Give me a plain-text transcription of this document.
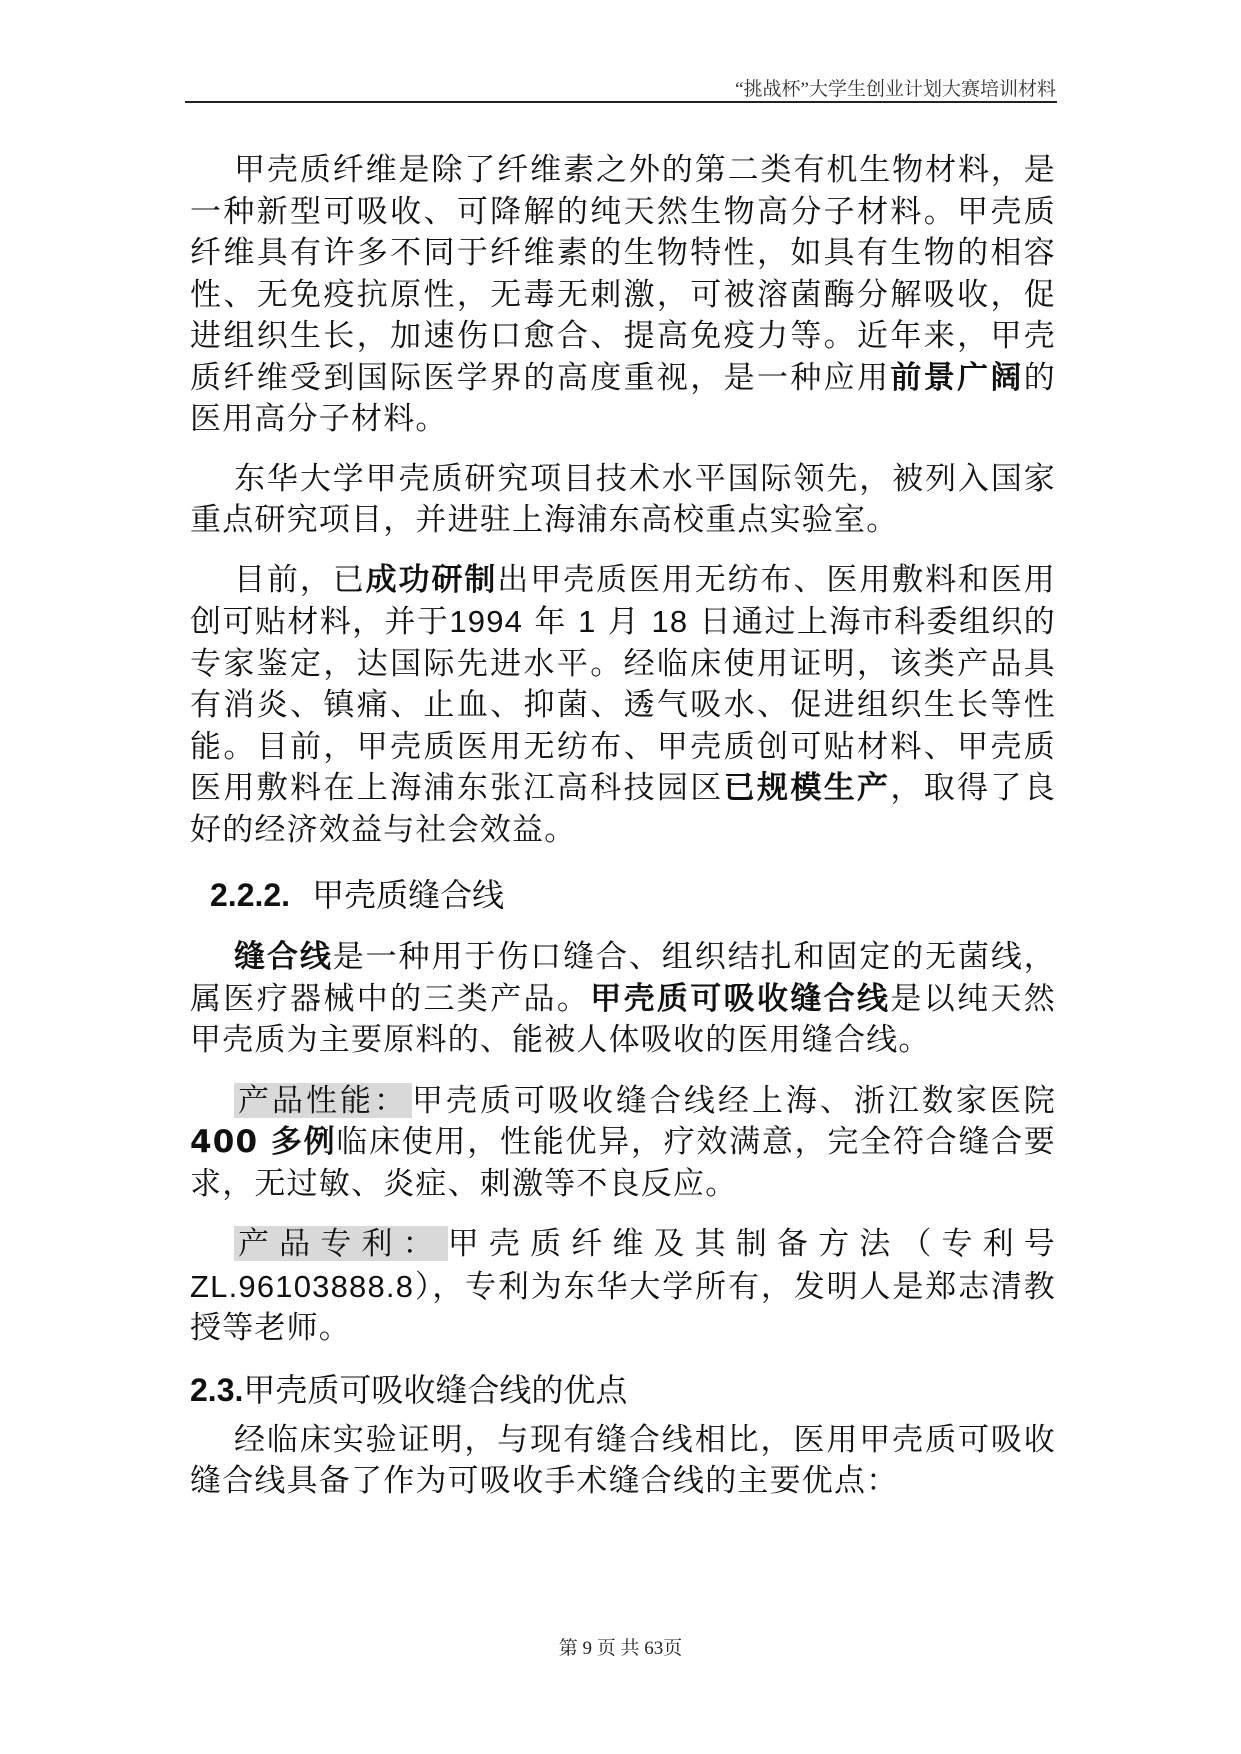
“挑战杯”大学生创业计划大赛培训材料

甲壳质纤维是除了纤维素之外的第二类有机生物材料，是一种新型可吸收、可降解的纯天然生物高分子材料。甲壳质纤维具有许多不同于纤维素的生物特性，如具有生物的相容性、无免疫抗原性，无毒无刺激，可被溶菌酶分解吸收，促进组织生长，加速伤口愈合、提高免疫力等。近年来，甲壳质纤维受到国际医学界的高度重视，是一种应用前景广阔的医用高分子材料。

东华大学甲壳质研究项目技术水平国际领先，被列入国家重点研究项目，并进驻上海浦东高校重点实验室。

目前，已成功研制出甲壳质医用无纺布、医用敷料和医用创可贴材料，并于1994 年 1 月 18 日通过上海市科委组织的专家鉴定，达国际先进水平。经临床使用证明，该类产品具有消炎、镇痛、止血、抑菌、透气吸水、促进组织生长等性能。目前，甲壳质医用无纺布、甲壳质创可贴材料、甲壳质医用敷料在上海浦东张江高科技园区已规模生产，取得了良好的经济效益与社会效益。

2.2.2. 甲壳质缝合线

缝合线是一种用于伤口缝合、组织结扎和固定的无菌线，属医疗器械中的三类产品。甲壳质可吸收缝合线是以纯天然甲壳质为主要原料的、能被人体吸收的医用缝合线。

产品性能： 甲壳质可吸收缝合线经上海、浙江数家医院400 多例临床使用，性能优异，疗效满意，完全符合缝合要求，无过敏、炎症、刺激等不良反应。

产品专利： 甲壳质纤维及其制备方法（专利号ZL.96103888.8），专利为东华大学所有，发明人是郑志清教授等老师。

2.3.甲壳质可吸收缝合线的优点

经临床实验证明，与现有缝合线相比，医用甲壳质可吸收缝合线具备了作为可吸收手术缝合线的主要优点：

第 9 页 共 63页
